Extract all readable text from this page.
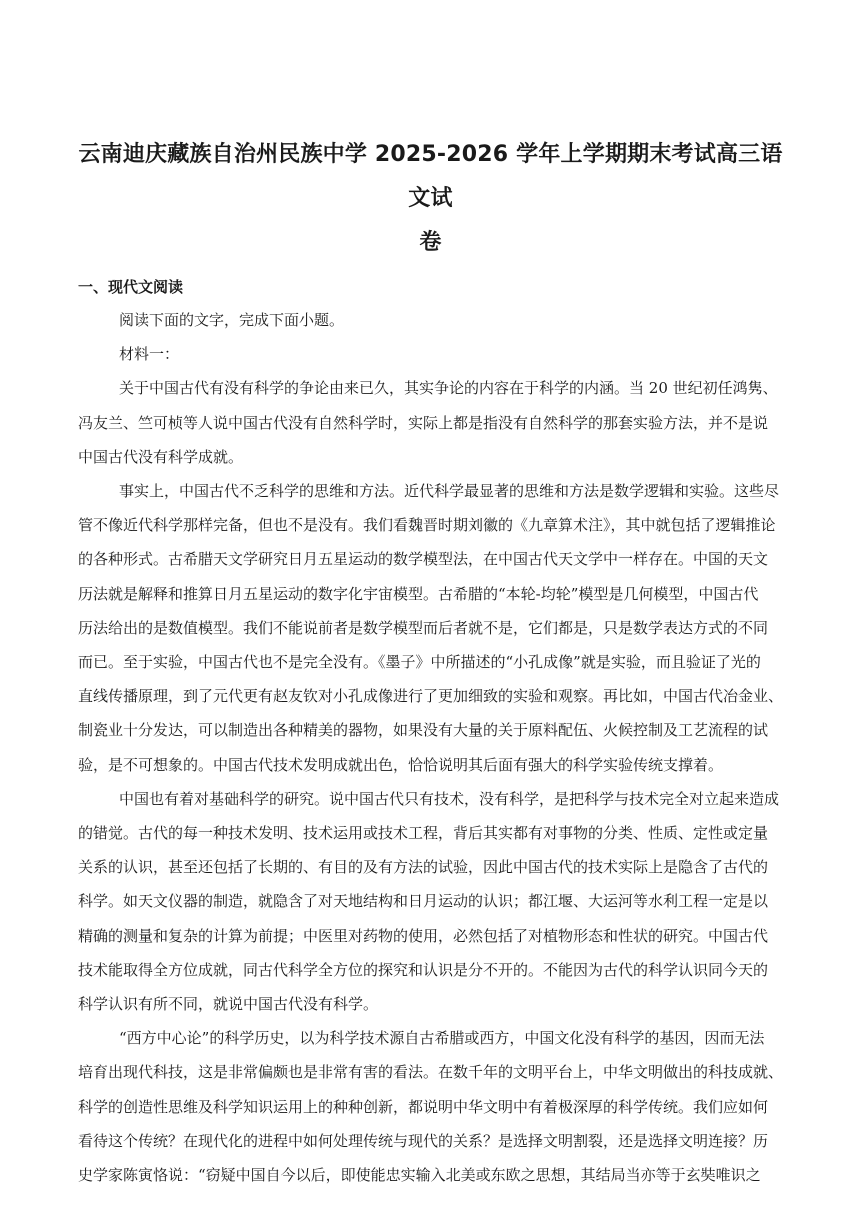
云南迪庆藏族自治州民族中学 2025-2026 学年上学期期末考试高三语文试
卷
一、现代文阅读
阅读下面的文字，完成下面小题。
材料一：
关于中国古代有没有科学的争论由来已久，其实争论的内容在于科学的内涵。当 20 世纪初任鸿隽、
冯友兰、竺可桢等人说中国古代没有自然科学时，实际上都是指没有自然科学的那套实验方法，并不是说
中国古代没有科学成就。
事实上，中国古代不乏科学的思维和方法。近代科学最显著的思维和方法是数学逻辑和实验。这些尽
管不像近代科学那样完备，但也不是没有。我们看魏晋时期刘徽的《九章算术注》，其中就包括了逻辑推论
的各种形式。古希腊天文学研究日月五星运动的数学模型法，在中国古代天文学中一样存在。中国的天文
历法就是解释和推算日月五星运动的数字化宇宙模型。古希腊的“本轮-均轮”模型是几何模型，中国古代
历法给出的是数值模型。我们不能说前者是数学模型而后者就不是，它们都是，只是数学表达方式的不同
而已。至于实验，中国古代也不是完全没有。《墨子》中所描述的“小孔成像”就是实验，而且验证了光的
直线传播原理，到了元代更有赵友钦对小孔成像进行了更加细致的实验和观察。再比如，中国古代冶金业、
制瓷业十分发达，可以制造出各种精美的器物，如果没有大量的关于原料配伍、火候控制及工艺流程的试
验，是不可想象的。中国古代技术发明成就出色，恰恰说明其后面有强大的科学实验传统支撑着。
中国也有着对基础科学的研究。说中国古代只有技术，没有科学，是把科学与技术完全对立起来造成
的错觉。古代的每一种技术发明、技术运用或技术工程，背后其实都有对事物的分类、性质、定性或定量
关系的认识，甚至还包括了长期的、有目的及有方法的试验，因此中国古代的技术实际上是隐含了古代的
科学。如天文仪器的制造，就隐含了对天地结构和日月运动的认识；都江堰、大运河等水利工程一定是以
精确的测量和复杂的计算为前提；中医里对药物的使用，必然包括了对植物形态和性状的研究。中国古代
技术能取得全方位成就，同古代科学全方位的探究和认识是分不开的。不能因为古代的科学认识同今天的
科学认识有所不同，就说中国古代没有科学。
“西方中心论”的科学历史，以为科学技术源自古希腊或西方，中国文化没有科学的基因，因而无法
培育出现代科技，这是非常偏颇也是非常有害的看法。在数千年的文明平台上，中华文明做出的科技成就、
科学的创造性思维及科学知识运用上的种种创新，都说明中华文明中有着极深厚的科学传统。我们应如何
看待这个传统？在现代化的进程中如何处理传统与现代的关系？是选择文明割裂，还是选择文明连接？历
史学家陈寅恪说：“窃疑中国自今以后，即使能忠实输入北美或东欧之思想，其结局当亦等于玄奘唯识之
